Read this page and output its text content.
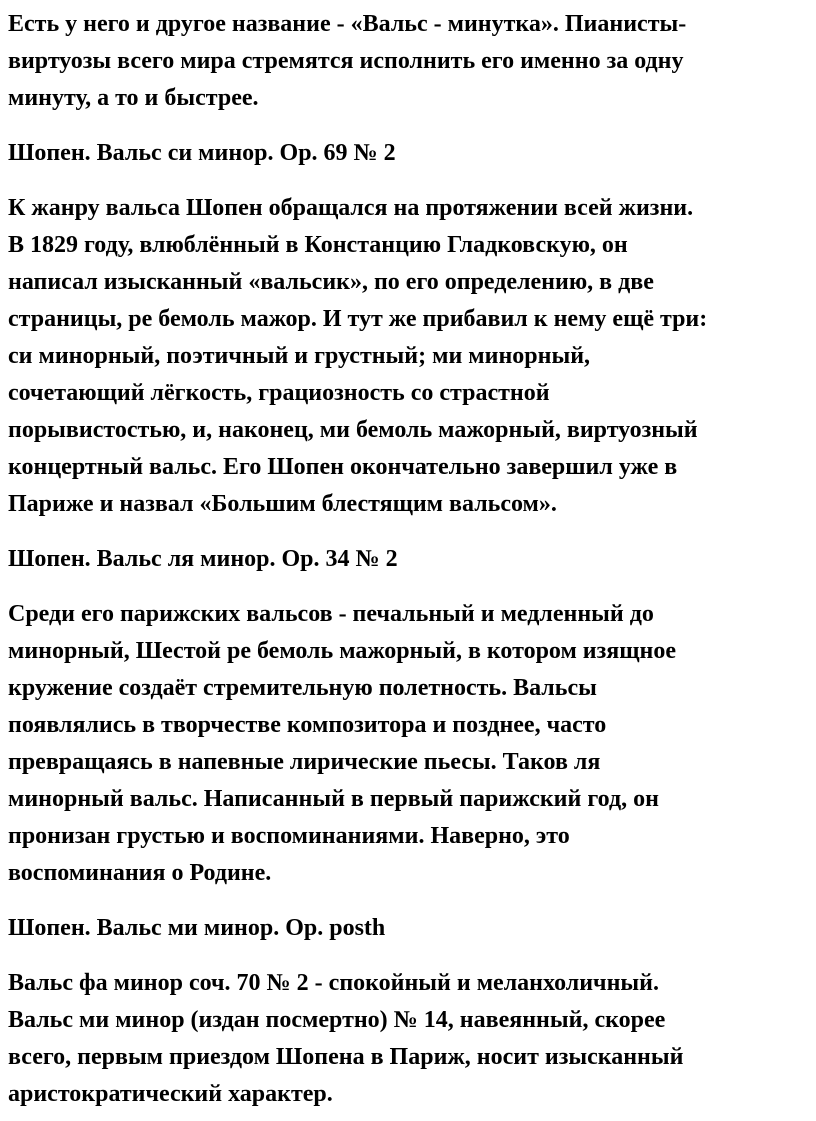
Есть у него и другое название - «Вальс - минутка». Пианисты-
виртуозы всего мира стремятся исполнить его именно за одну
минуту, а то и быстрее.

Шопен. Вальс си минор. Ор. 69 № 2

К жанру вальса Шопен обращался на протяжении всей жизни.
В 1829 году, влюблённый в Констанцию Гладковскую, он
написал изысканный «вальсик», по его определению, в две
страницы, ре бемоль мажор. И тут же прибавил к нему ещё три:
си минорный, поэтичный и грустный; ми минорный,
сочетающий лёгкость, грациозность со страстной
порывистостью, и, наконец, ми бемоль мажорный, виртуозный
концертный вальс. Его Шопен окончательно завершил уже в
Париже и назвал «Большим блестящим вальсом».

Шопен. Вальс ля минор. Ор. 34 № 2

Среди его парижских вальсов - печальный и медленный до
минорный, Шестой ре бемоль мажорный, в котором изящное
кружение создаёт стремительную полетность. Вальсы
появлялись в творчестве композитора и позднее, часто
превращаясь в напевные лирические пьесы. Таков ля
минорный вальс. Написанный в первый парижский год, он
пронизан грустью и воспоминаниями. Наверно, это
воспоминания о Родине.

Шопен. Вальс ми минор. Ор. posth

Вальс фа минор соч. 70 № 2 - спокойный и меланхоличный.
Вальс ми минор (издан посмертно) № 14, навеянный, скорее
всего, первым приездом Шопена в Париж, носит изысканный
аристократический характер.
